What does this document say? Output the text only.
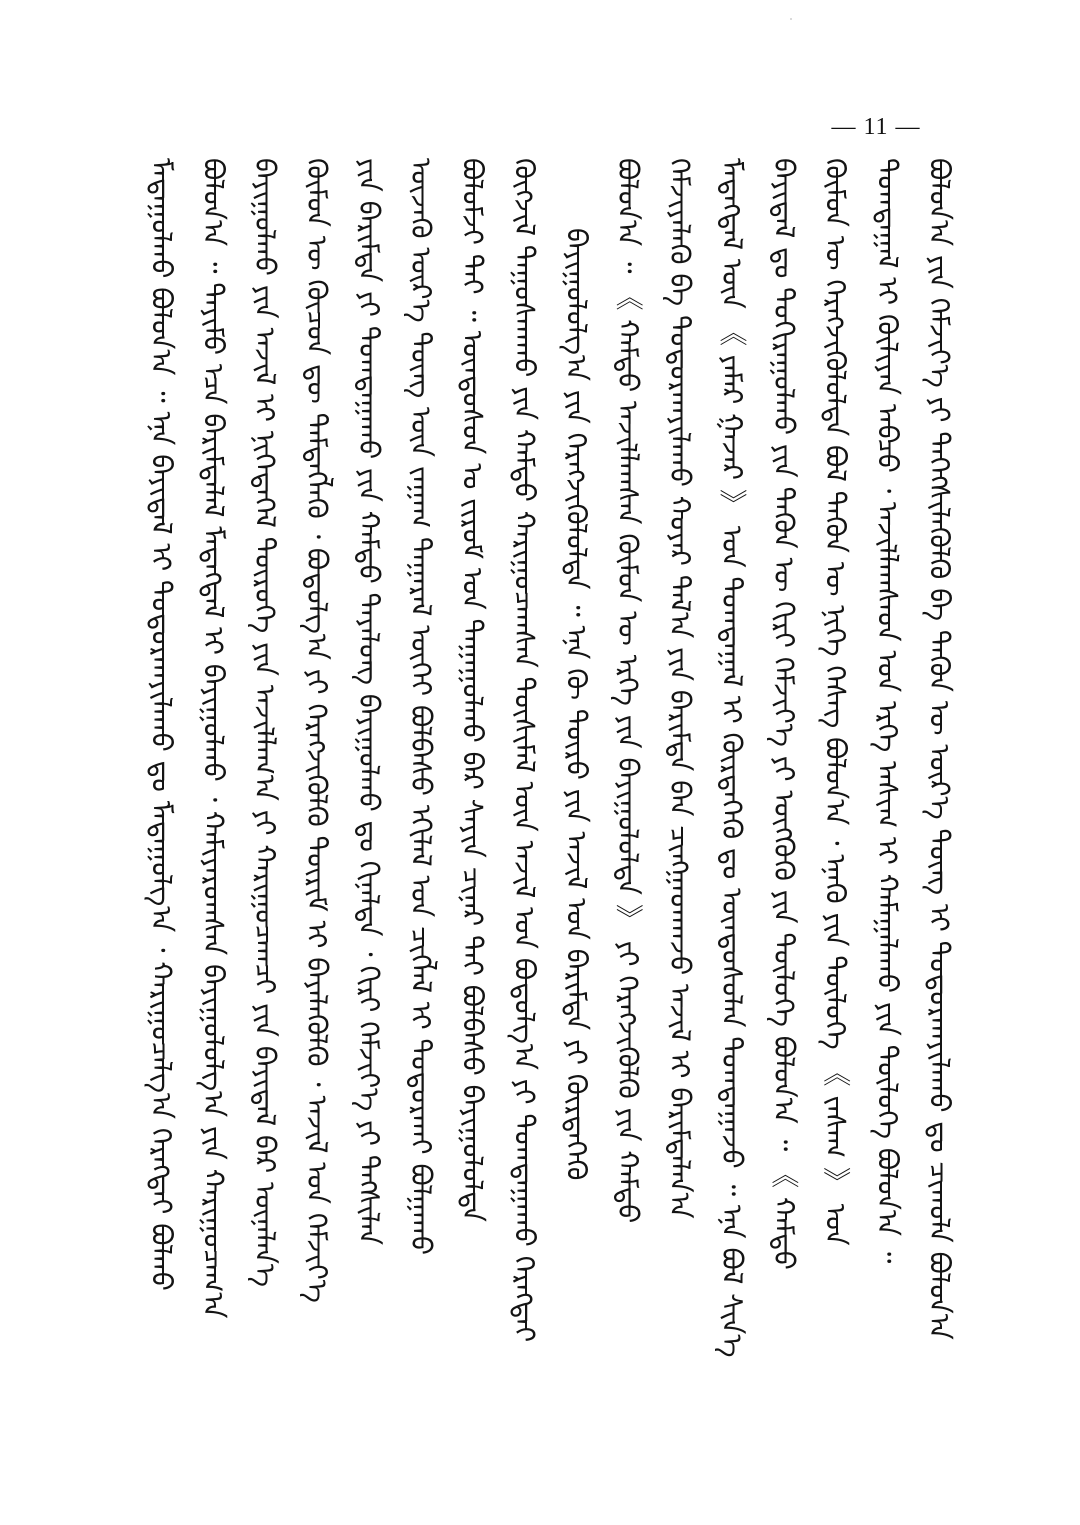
— 11 —
ᠮᠠᠳᠠᠭᠤᠯᠬᠤ ᠪᠣᠯᠤᠨ᠎ᠠ ᠃ ᠡᠨᠡ ᠪᠠᠶᠢᠳᠠᠯ ᠢ ᠲᠣᠳᠣᠷᠬᠠᠶᠢᠯᠠᠬᠤ ᠳᠤ ᠮᠠᠳᠠᠭᠤᠯᠭ᠎ᠠ ᠂ ᠬᠠᠷᠢᠭᠤᠴᠠᠯᠭ᠎ᠠ ᠬᠡᠷᠡᠭᠲᠡᠢ ᠪᠣᠯᠬᠤ ᠪᠣᠯᠤᠨ᠎ᠠ ᠃ ᠲᠡᠶᠢᠮᠦ ᠡᠴᠡ ᠪᠠᠷᠢᠮᠲᠠᠯᠠᠯ ᠮᠡᠳᠡᠭᠳᠡᠯ ᠢ ᠪᠠᠶᠢᠭᠤᠯᠬᠤ ᠂ ᠬᠠᠮᠢᠶᠠᠷᠤᠭᠰᠠᠨ ᠪᠠᠶᠢᠭᠤᠯᠤᠯᠭ᠎ᠠ ᠶᠢᠨ ᠬᠠᠷᠢᠭᠤᠴᠠᠭ᠎ᠠ ᠪᠠᠶᠢᠭᠤᠯᠬᠤ ᠶᠢᠨ ᠠᠵᠢᠯ ᠢ ᠨᠢᠭᠡᠳᠡᠭᠡᠯ ᠲᠦᠷᠦᠬᠡ ᠶᠢᠨ ᠠᠵᠢᠯᠯᠠᠭ᠎ᠠ ᠶᠢ ᠬᠠᠷᠢᠭᠤᠴᠠᠭᠴᠢ ᠶᠢᠨ ᠪᠠᠶᠢᠳᠠᠯ ᠪᠠᠷ ᠦᠨᠡᠯᠡᠨ᠎ᠡ ᠬᠦᠮᠦᠨ ᠦ ᠬᠦᠴᠦᠨ ᠳᠦ ᠲᠡᠮᠳᠡᠭᠯᠡᠬᠦ ᠂ ᠪᠣᠳᠣᠯᠭ᠎ᠠ ᠶᠢ ᠬᠡᠷᠡᠭᠵᠢᠭᠦᠯᠬᠦ ᠳᠦᠷᠢᠮ ᠢ ᠪᠡᠶᠡᠯᠡᠭᠦᠯᠬᠦ ᠂ ᠠᠵᠢᠯ ᠤᠨ ᠬᠡᠮᠵᠢᠶ᠎ᠡ ᠶᠢᠨ ᠪᠠᠷᠢᠮᠲᠠ ᠶᠢ ᠲᠣᠭᠲᠠᠭᠠᠬᠤ ᠶᠢᠨ ᠬᠠᠮᠲᠤ ᠲᠠᠶᠠᠯᠤᠩ ᠪᠠᠶᠢᠭᠤᠯᠬᠤ ᠳᠤ ᠬᠢᠨᠠᠯᠲᠠ ᠂ ᠬᠢᠷᠢ ᠬᠡᠮᠵᠢᠶ᠎ᠡ ᠶᠢ ᠲᠡᠭᠰᠢᠯᠡᠨ ᠦᠵᠡᠬᠦ ᠦᠷ᠎ᠡ ᠳᠦᠩ ᠦᠨ ᠵᠠᠭᠠᠭ ᠲᠠᠭᠠᠷᠠᠯ ᠦᠭᠡᠢ ᠪᠣᠯᠪᠠᠰᠤ ᠡᠬᠢᠯᠡᠯ ᠤᠨ ᠴᠢᠭᠯᠡᠯ ᠢ ᠲᠣᠳᠣᠷᠬᠠᠢ ᠪᠣᠯᠭᠠᠬᠤ ᠪᠣᠯᠣᠮᠵᠢ ᠲᠠᠢ ᠃ ᠦᠨᠳᠦᠰᠦᠨ ᠤ ᠵᠢᠷᠤᠮ ᠤᠨ ᠳᠠᠭᠠᠭᠤᠯᠬᠤ ᠪᠠᠷ ᠰᠠᠶᠢᠨ ᠴᠢᠨᠠᠷ ᠲᠠᠶ ᠪᠣᠯᠪᠠᠰᠤ ᠪᠠᠶᠢᠭᠤᠯᠤᠯᠲᠠ ᠬᠦᠭᠵᠢᠯ ᠳᠠᠭᠤᠰᠬᠠᠬᠤ ᠶᠢᠨ ᠬᠠᠮᠲᠤ ᠬᠠᠷᠢᠭᠤᠴᠠᠭᠰᠠᠨ ᠲᠦᠰᠢᠮᠡᠯ ᠦᠨ ᠠᠵᠢᠯ ᠤᠨ ᠪᠣᠳᠣᠯᠭ᠎ᠠ ᠶᠢ ᠲᠣᠭᠲᠠᠭᠠᠬᠤ ᠬᠡᠷᠡᠭᠲᠡᠢ ᠪᠠᠶᠢᠭᠤᠯᠤᠯᠭ᠎ᠠ ᠶᠢᠨ ᠬᠡᠷᠡᠭᠵᠢᠭᠦᠯᠦᠯᠲᠡ ᠃ ᠡᠨᠡ ᠬᠦ ᠲᠦᠷᠦ ᠶᠢᠨ ᠠᠵᠢᠯ ᠤᠨ ᠪᠠᠷᠢᠮᠲᠠ ᠶᠢ ᠬᠦᠷᠲᠡᠭᠡᠬᠦ ᠪᠣᠯᠤᠨ᠎ᠠ ᠃ 《 ᠬᠠᠮᠲᠤ ᠠᠵᠢᠯᠯᠠᠭᠰᠠᠨ ᠬᠦᠮᠦᠨ ᠦ ᠡᠷᠬᠡ ᠶᠢᠨ ᠪᠠᠶᠢᠭᠤᠯᠤᠯᠲᠠ 》 ᠶᠢ ᠬᠡᠷᠡᠭᠵᠢᠭᠦᠯᠬᠦ ᠶᠢᠨ ᠬᠠᠮᠲᠤ ᠬᠡᠮᠵᠢᠶᠡᠯᠡᠬᠦ ᠪᠠ ᠲᠣᠳᠣᠷᠬᠠᠶᠢᠯᠠᠬᠤ ᠬᠣᠶᠠᠷ ᠲᠠᠯ᠎ᠠ ᠶᠢᠨ ᠪᠠᠷᠢᠮᠲᠠ ᠪᠠᠨ ᠴᠢᠩᠭᠠᠳᠬᠠᠵᠤ ᠠᠵᠢᠯ ᠢ ᠪᠠᠷᠢᠮᠲᠠᠯᠠᠨ᠎ᠠ ᠮᠡᠳᠡᠭᠳᠡᠯ ᠦᠨ 《 ᠶᠠᠮᠠᠷ ᠭᠠᠵᠠᠷ 》 ᠤᠨ ᠲᠣᠭᠲᠠᠭᠠᠯ ᠢ ᠬᠦᠷᠲᠡᠭᠡᠬᠦ ᠳᠤ ᠦᠨᠳᠦᠰᠦᠯᠡᠨ ᠲᠣᠭᠲᠠᠭᠠᠵᠤ ᠃ ᠡᠨᠡ ᠪᠣᠯ ᠰᠢᠨ᠎ᠡ ᠪᠠᠶᠢᠳᠠᠯ ᠳᠤ ᠲᠣᠬᠢᠷᠠᠭᠤᠯᠬᠤ ᠶᠢᠨ ᠲᠡᠭᠦᠨ ᠦ ᠬᠢᠷᠢ ᠬᠡᠮᠵᠢᠶ᠎ᠡ ᠶᠢ ᠦᠭᠭᠦᠬᠦ ᠶᠢᠨ ᠲᠦᠯᠦᠭᠡ ᠪᠣᠯᠤᠨ᠎ᠠ ᠃ 《 ᠬᠠᠮᠲᠤ ᠬᠦᠮᠦᠨ ᠦ ᠬᠡᠷᠡᠭᠵᠢᠭᠦᠯᠦᠯᠲᠡ ᠪᠣᠯ ᠲᠡᠭᠦᠨ ᠦ ᠨᠢᠭᠡ ᠬᠡᠰᠡᠭ ᠪᠣᠯᠤᠨ᠎ᠠ ᠂ ᠡᠨᠡᠬᠦ ᠶᠢᠨ ᠲᠦᠯᠦᠭᠡ 《 ᠵᠠᠰᠠᠭ 》 ᠤᠨ ᠲᠣᠭᠲᠠᠭᠠᠯ ᠢ ᠬᠦᠯᠢᠶᠡᠨ ᠠᠪᠴᠤ ᠂ ᠠᠵᠢᠯᠯᠠᠭᠰᠠᠳ ᠤᠨ ᠡᠷᠬᠡ ᠠᠰᠢᠭ ᠢ ᠬᠠᠮᠠᠭᠠᠯᠠᠬᠤ ᠶᠢᠨ ᠲᠦᠯᠦᠭᠡ ᠪᠣᠯᠤᠨ᠎ᠠ ᠃ ᠪᠣᠯᠤᠨ᠎ᠠ ᠶᠢᠨ ᠬᠡᠮᠵᠢᠶ᠎ᠡ ᠶᠢ ᠳᠡᠭᠡᠭᠰᠢᠯᠡᠭᠦᠯᠬᠦ ᠪᠠ ᠲᠡᠭᠦᠨ ᠦ ᠦᠷ᠎ᠡ ᠳᠦᠩ ᠢ ᠲᠣᠳᠣᠷᠬᠠᠶᠢᠯᠠᠬᠤ ᠳᠤ ᠴᠢᠬᠤᠯᠠ ᠪᠣᠯᠤᠨ᠎ᠠ
